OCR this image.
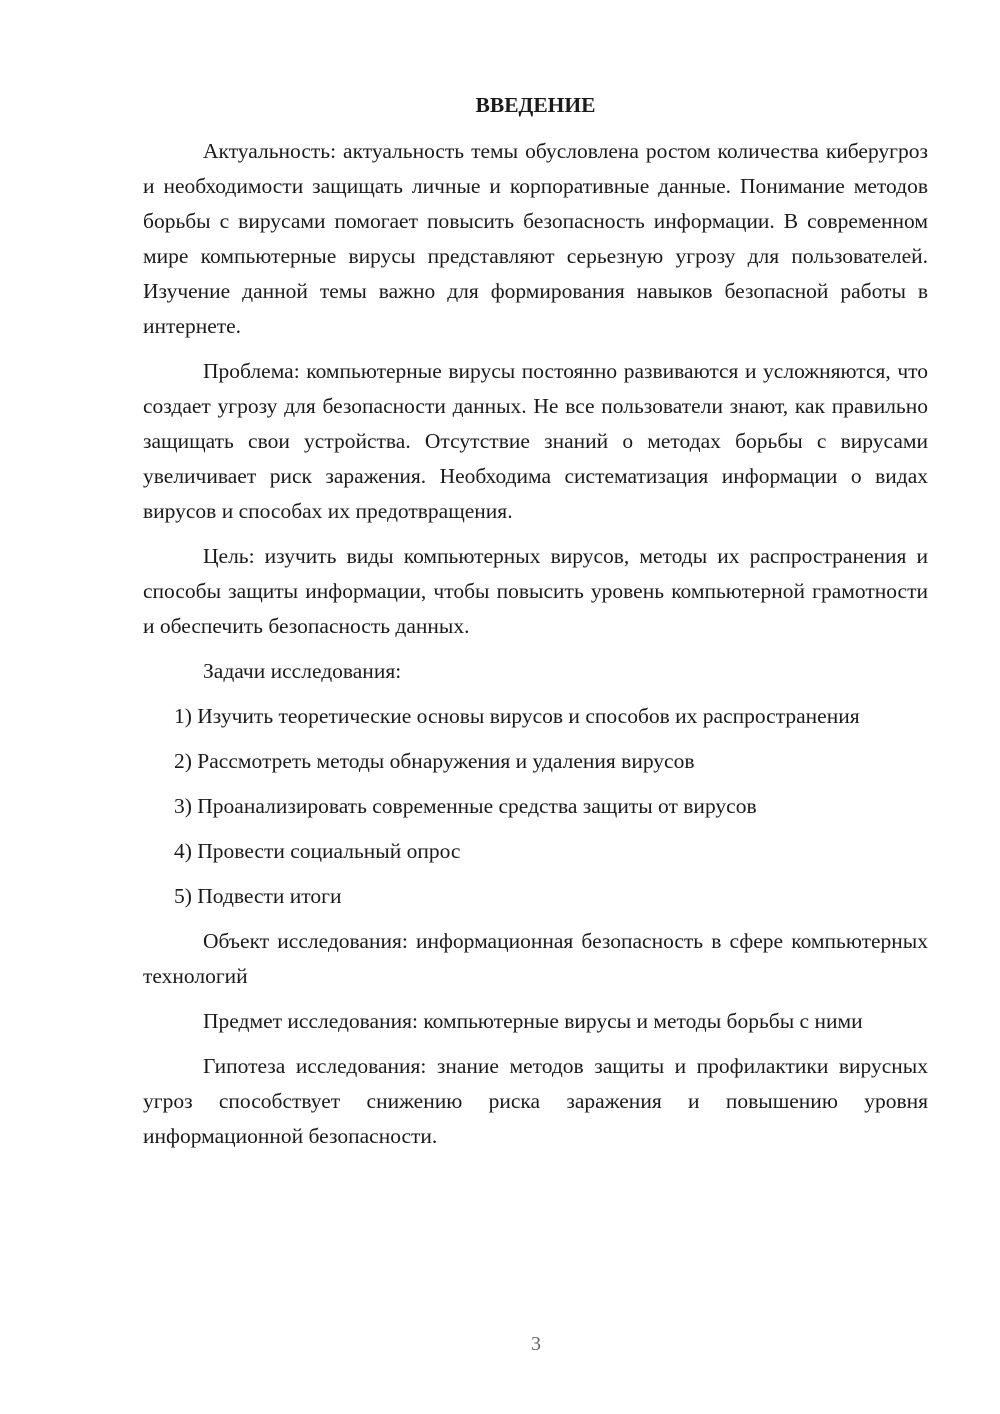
ВВЕДЕНИЕ

Актуальность: актуальность темы обусловлена ростом количества киберугроз и необходимости защищать личные и корпоративные данные. Понимание методов борьбы с вирусами помогает повысить безопасность информации. В современном мире компьютерные вирусы представляют серьезную угрозу для пользователей. Изучение данной темы важно для формирования навыков безопасной работы в интернете.

Проблема: компьютерные вирусы постоянно развиваются и усложняются, что создает угрозу для безопасности данных. Не все пользователи знают, как правильно защищать свои устройства. Отсутствие знаний о методах борьбы с вирусами увеличивает риск заражения. Необходима систематизация информации о видах вирусов и способах их предотвращения.

Цель: изучить виды компьютерных вирусов, методы их распространения и способы защиты информации, чтобы повысить уровень компьютерной грамотности и обеспечить безопасность данных.

Задачи исследования:

1) Изучить теоретические основы вирусов и способов их распространения

2) Рассмотреть методы обнаружения и удаления вирусов

3) Проанализировать современные средства защиты от вирусов

4) Провести социальный опрос

5) Подвести итоги

Объект исследования: информационная безопасность в сфере компьютерных технологий

Предмет исследования: компьютерные вирусы и методы борьбы с ними

Гипотеза исследования: знание методов защиты и профилактики вирусных угроз способствует снижению риска заражения и повышению уровня информационной безопасности.

3
